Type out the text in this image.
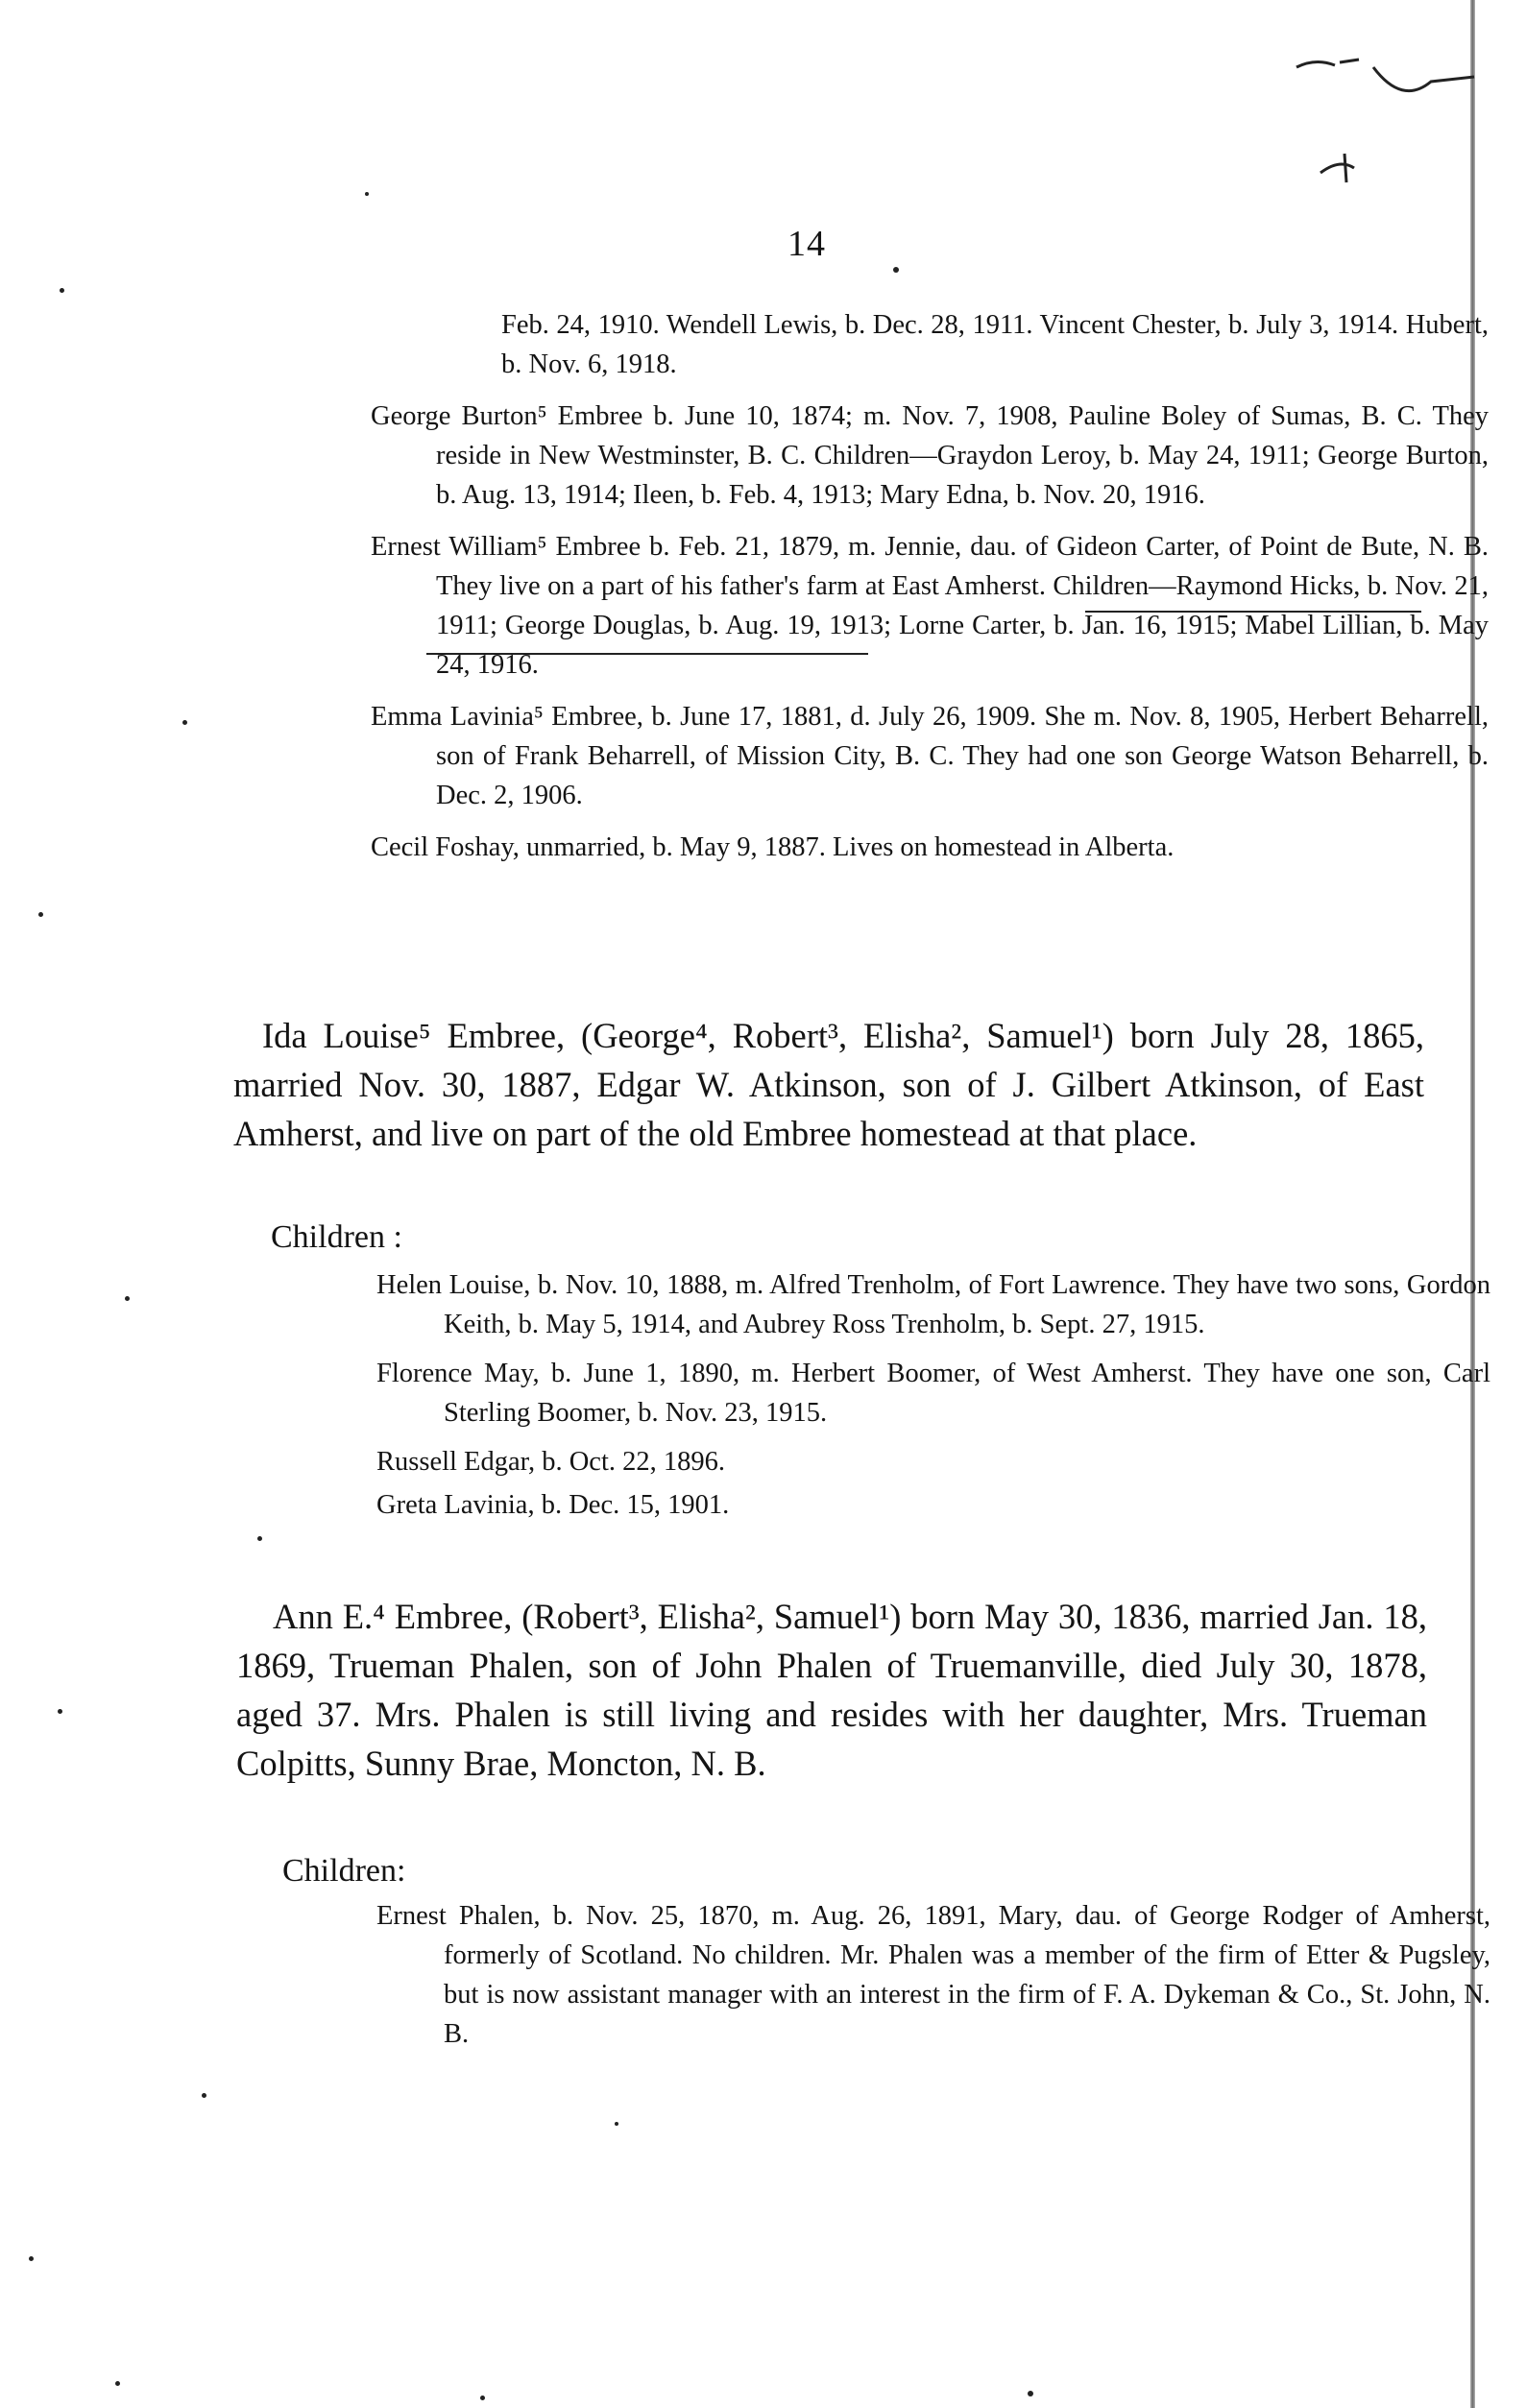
14

Feb. 24, 1910. Wendell Lewis, b. Dec. 28, 1911. Vincent Chester, b. July 3, 1914. Hubert, b. Nov. 6, 1918.

George Burton⁵ Embree b. June 10, 1874; m. Nov. 7, 1908, Pauline Boley of Sumas, B. C. They reside in New Westminster, B. C. Children—Graydon Leroy, b. May 24, 1911; George Burton, b. Aug. 13, 1914; Ileen, b. Feb. 4, 1913; Mary Edna, b. Nov. 20, 1916.

Ernest William⁵ Embree b. Feb. 21, 1879, m. Jennie, dau. of Gideon Carter, of Point de Bute, N. B. They live on a part of his father's farm at East Amherst. Children—Raymond Hicks, b. Nov. 21, 1911; George Douglas, b. Aug. 19, 1913; Lorne Carter, b. Jan. 16, 1915; Mabel Lillian, b. May 24, 1916.

Emma Lavinia⁵ Embree, b. June 17, 1881, d. July 26, 1909. She m. Nov. 8, 1905, Herbert Beharrell, son of Frank Beharrell, of Mission City, B. C. They had one son George Watson Beharrell, b. Dec. 2, 1906.

Cecil Foshay, unmarried, b. May 9, 1887. Lives on homestead in Alberta.

Ida Louise⁵ Embree, (George⁴, Robert³, Elisha², Samuel¹) born July 28, 1865, married Nov. 30, 1887, Edgar W. Atkinson, son of J. Gilbert Atkinson, of East Amherst, and live on part of the old Embree homestead at that place.

Children :

Helen Louise, b. Nov. 10, 1888, m. Alfred Trenholm, of Fort Lawrence. They have two sons, Gordon Keith, b. May 5, 1914, and Aubrey Ross Trenholm, b. Sept. 27, 1915.

Florence May, b. June 1, 1890, m. Herbert Boomer, of West Amherst. They have one son, Carl Sterling Boomer, b. Nov. 23, 1915.

Russell Edgar, b. Oct. 22, 1896.

Greta Lavinia, b. Dec. 15, 1901.

Ann E.⁴ Embree, (Robert³, Elisha², Samuel¹) born May 30, 1836, married Jan. 18, 1869, Trueman Phalen, son of John Phalen of Truemanville, died July 30, 1878, aged 37. Mrs. Phalen is still living and resides with her daughter, Mrs. Trueman Colpitts, Sunny Brae, Moncton, N. B.

Children:

Ernest Phalen, b. Nov. 25, 1870, m. Aug. 26, 1891, Mary, dau. of George Rodger of Amherst, formerly of Scotland. No children. Mr. Phalen was a member of the firm of Etter & Pugsley, but is now assistant manager with an interest in the firm of F. A. Dykeman & Co., St. John, N. B.
